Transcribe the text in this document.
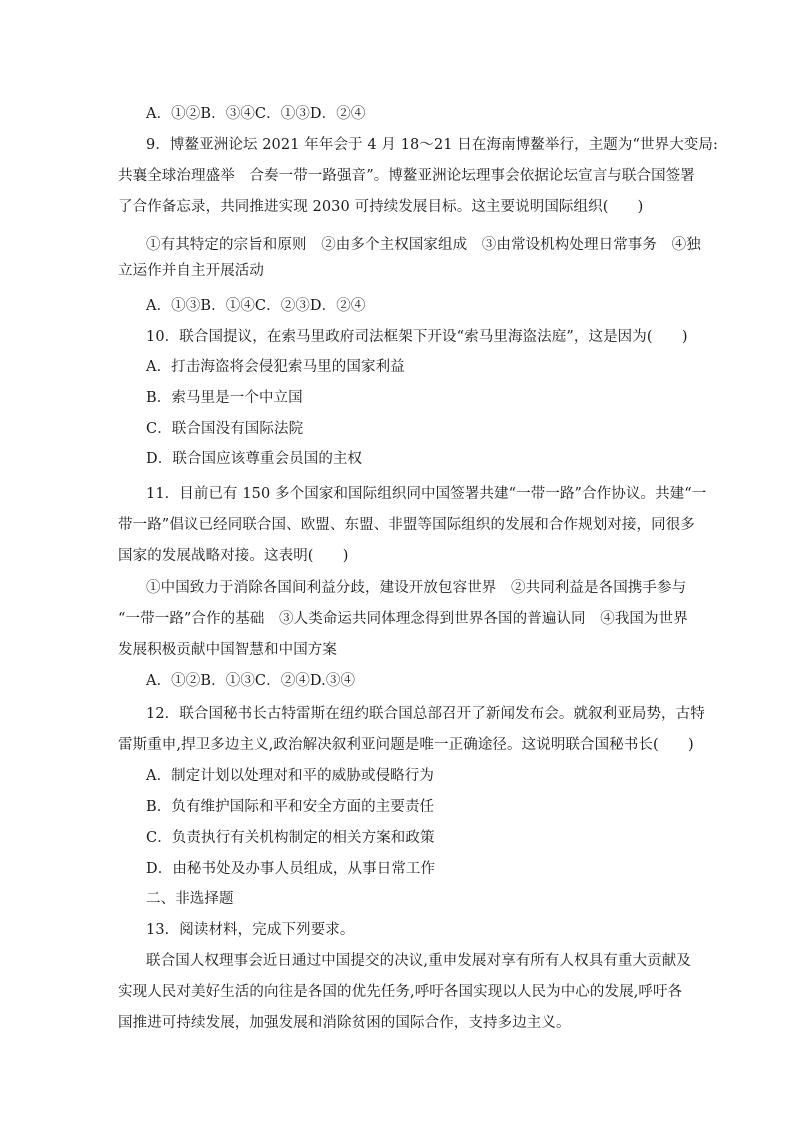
A．①②B．③④C．①③D．②④
9．博鳌亚洲论坛 2021 年年会于 4 月 18～21 日在海南博鳌举行，主题为“世界大变局:
共襄全球治理盛举　合奏一带一路强音”。博鳌亚洲论坛理事会依据论坛宣言与联合国签署
了合作备忘录，共同推进实现 2030 可持续发展目标。这主要说明国际组织(　　)
①有其特定的宗旨和原则　②由多个主权国家组成　③由常设机构处理日常事务　④独
立运作并自主开展活动
A．①③B．①④C．②③D．②④
10．联合国提议，在索马里政府司法框架下开设“索马里海盗法庭”，这是因为(　　)
A．打击海盗将会侵犯索马里的国家利益
B．索马里是一个中立国
C．联合国没有国际法院
D．联合国应该尊重会员国的主权
11．目前已有 150 多个国家和国际组织同中国签署共建“一带一路”合作协议。共建“一
带一路”倡议已经同联合国、欧盟、东盟、非盟等国际组织的发展和合作规划对接，同很多
国家的发展战略对接。这表明(　　)
①中国致力于消除各国间利益分歧，建设开放包容世界　②共同利益是各国携手参与
“一带一路”合作的基础　③人类命运共同体理念得到世界各国的普遍认同　④我国为世界
发展积极贡献中国智慧和中国方案
A．①②B．①③C．②④D.③④
12．联合国秘书长古特雷斯在纽约联合国总部召开了新闻发布会。就叙利亚局势，古特
雷斯重申,捍卫多边主义,政治解决叙利亚问题是唯一正确途径。这说明联合国秘书长(　　)
A．制定计划以处理对和平的威胁或侵略行为
B．负有维护国际和平和安全方面的主要责任
C．负责执行有关机构制定的相关方案和政策
D．由秘书处及办事人员组成，从事日常工作
二、非选择题
13．阅读材料，完成下列要求。
联合国人权理事会近日通过中国提交的决议,重申发展对享有所有人权具有重大贡献及
实现人民对美好生活的向往是各国的优先任务,呼吁各国实现以人民为中心的发展,呼吁各
国推进可持续发展，加强发展和消除贫困的国际合作，支持多边主义。
